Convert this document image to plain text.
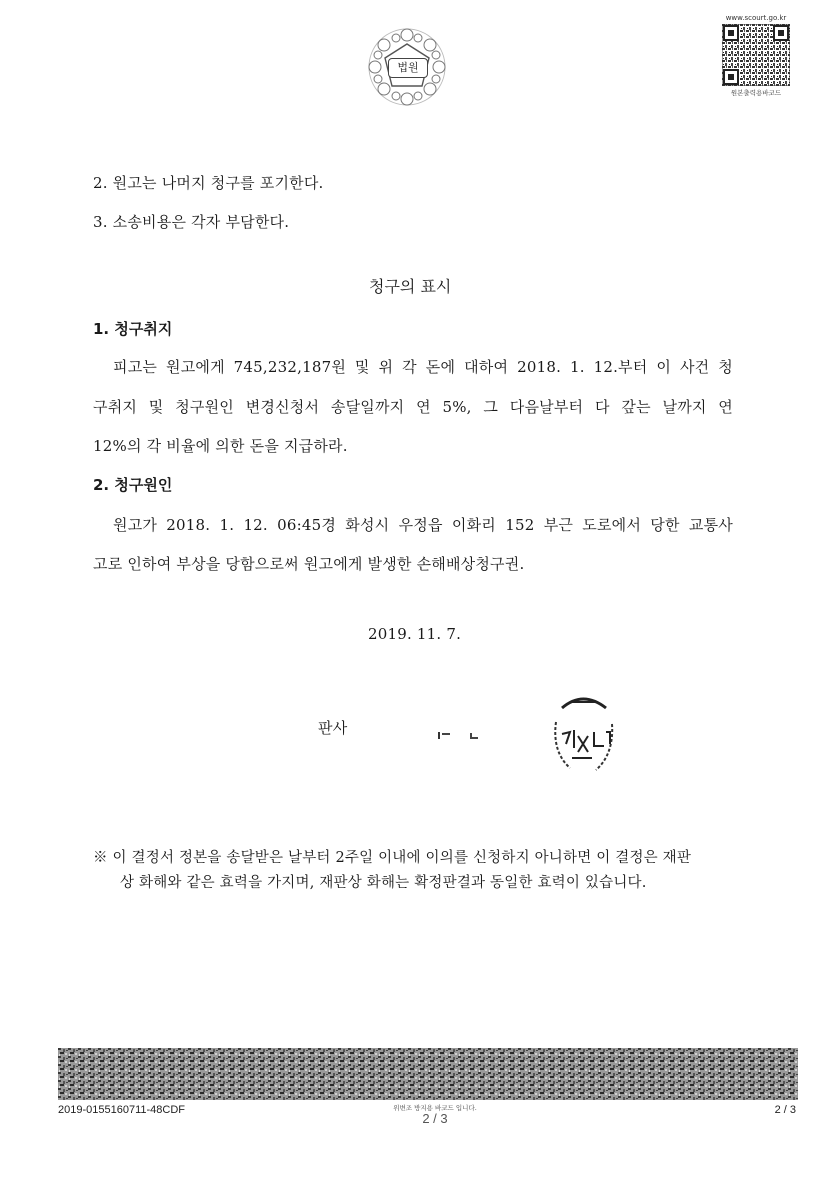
법원
www.scourt.go.kr
원본출력용바코드
2. 원고는 나머지 청구를 포기한다.
3. 소송비용은 각자 부담한다.
청구의 표시
1. 청구취지
피고는 원고에게 745,232,187원 및 위 각 돈에 대하여 2018. 1. 12.부터 이 사건 청
구취지 및 청구원인 변경신청서 송달일까지 연 5%, 그 다음날부터 다 갚는 날까지 연
12%의 각 비율에 의한 돈을 지급하라.
2. 청구원인
원고가 2018. 1. 12. 06:45경 화성시 우정읍 이화리 152 부근 도로에서 당한 교통사
고로 인하여 부상을 당함으로써 원고에게 발생한 손해배상청구권.
2019. 11. 7.
판사
※ 이 결정서 정본을 송달받은 날부터 2주일 이내에 이의를 신청하지 아니하면 이 결정은 재판
상 화해와 같은 효력을 가지며, 재판상 화해는 확정판결과 동일한 효력이 있습니다.
2019-0155160711-48CDF	위변조 방지용 바코드 입니다.
2 / 3
2 / 3
